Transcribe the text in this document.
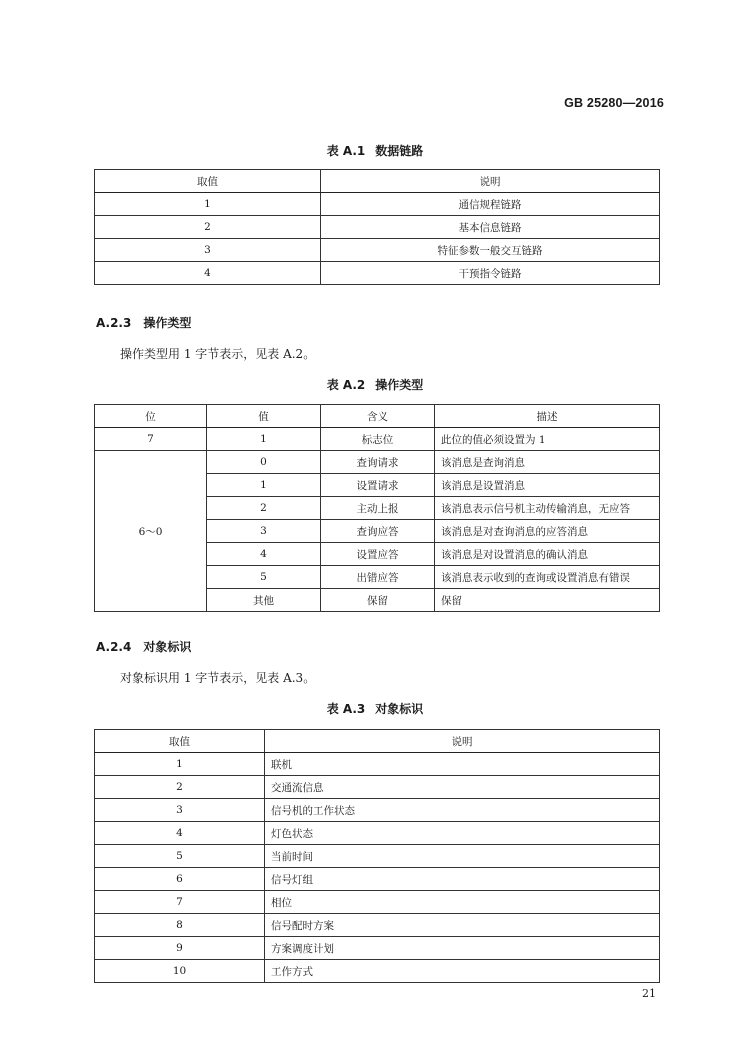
GB 25280—2016
表 A.1 数据链路
取值	说明
1	通信规程链路
2	基本信息链路
3	特征参数一般交互链路
4	干预指令链路
A.2.3 操作类型
操作类型用 1 字节表示，见表 A.2。
表 A.2 操作类型
位	值	含义	描述
7	1	标志位	此位的值必须设置为 1
6～0	0	查询请求	该消息是查询消息
	1	设置请求	该消息是设置消息
	2	主动上报	该消息表示信号机主动传输消息，无应答
	3	查询应答	该消息是对查询消息的应答消息
	4	设置应答	该消息是对设置消息的确认消息
	5	出错应答	该消息表示收到的查询或设置消息有错误
	其他	保留	保留
A.2.4 对象标识
对象标识用 1 字节表示，见表 A.3。
表 A.3 对象标识
取值	说明
1	联机
2	交通流信息
3	信号机的工作状态
4	灯色状态
5	当前时间
6	信号灯组
7	相位
8	信号配时方案
9	方案调度计划
10	工作方式
21
